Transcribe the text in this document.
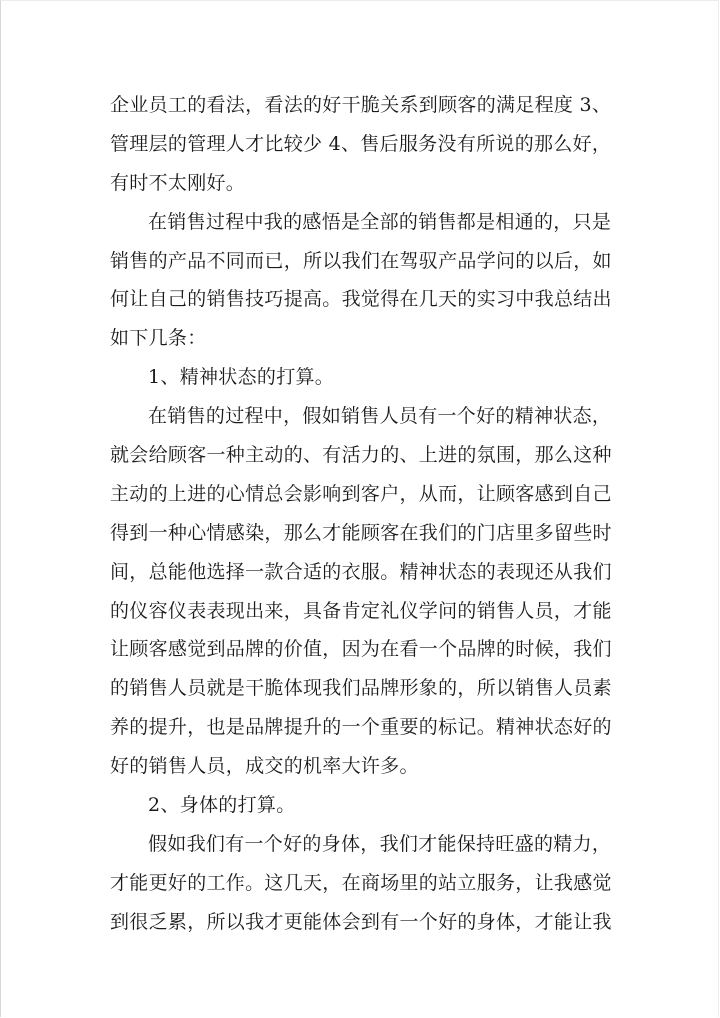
企业员工的看法，看法的好干脆关系到顾客的满足程度 3、
管理层的管理人才比较少 4、售后服务没有所说的那么好，
有时不太刚好。
在销售过程中我的感悟是全部的销售都是相通的，只是
销售的产品不同而已，所以我们在驾驭产品学问的以后，如
何让自己的销售技巧提高。我觉得在几天的实习中我总结出
如下几条：
1、精神状态的打算。
在销售的过程中，假如销售人员有一个好的精神状态，
就会给顾客一种主动的、有活力的、上进的氛围，那么这种
主动的上进的心情总会影响到客户，从而，让顾客感到自己
得到一种心情感染，那么才能顾客在我们的门店里多留些时
间，总能他选择一款合适的衣服。精神状态的表现还从我们
的仪容仪表表现出来，具备肯定礼仪学问的销售人员，才能
让顾客感觉到品牌的价值，因为在看一个品牌的时候，我们
的销售人员就是干脆体现我们品牌形象的，所以销售人员素
养的提升，也是品牌提升的一个重要的标记。精神状态好的
好的销售人员，成交的机率大许多。
2、身体的打算。
假如我们有一个好的身体，我们才能保持旺盛的精力，
才能更好的工作。这几天，在商场里的站立服务，让我感觉
到很乏累，所以我才更能体会到有一个好的身体，才能让我
